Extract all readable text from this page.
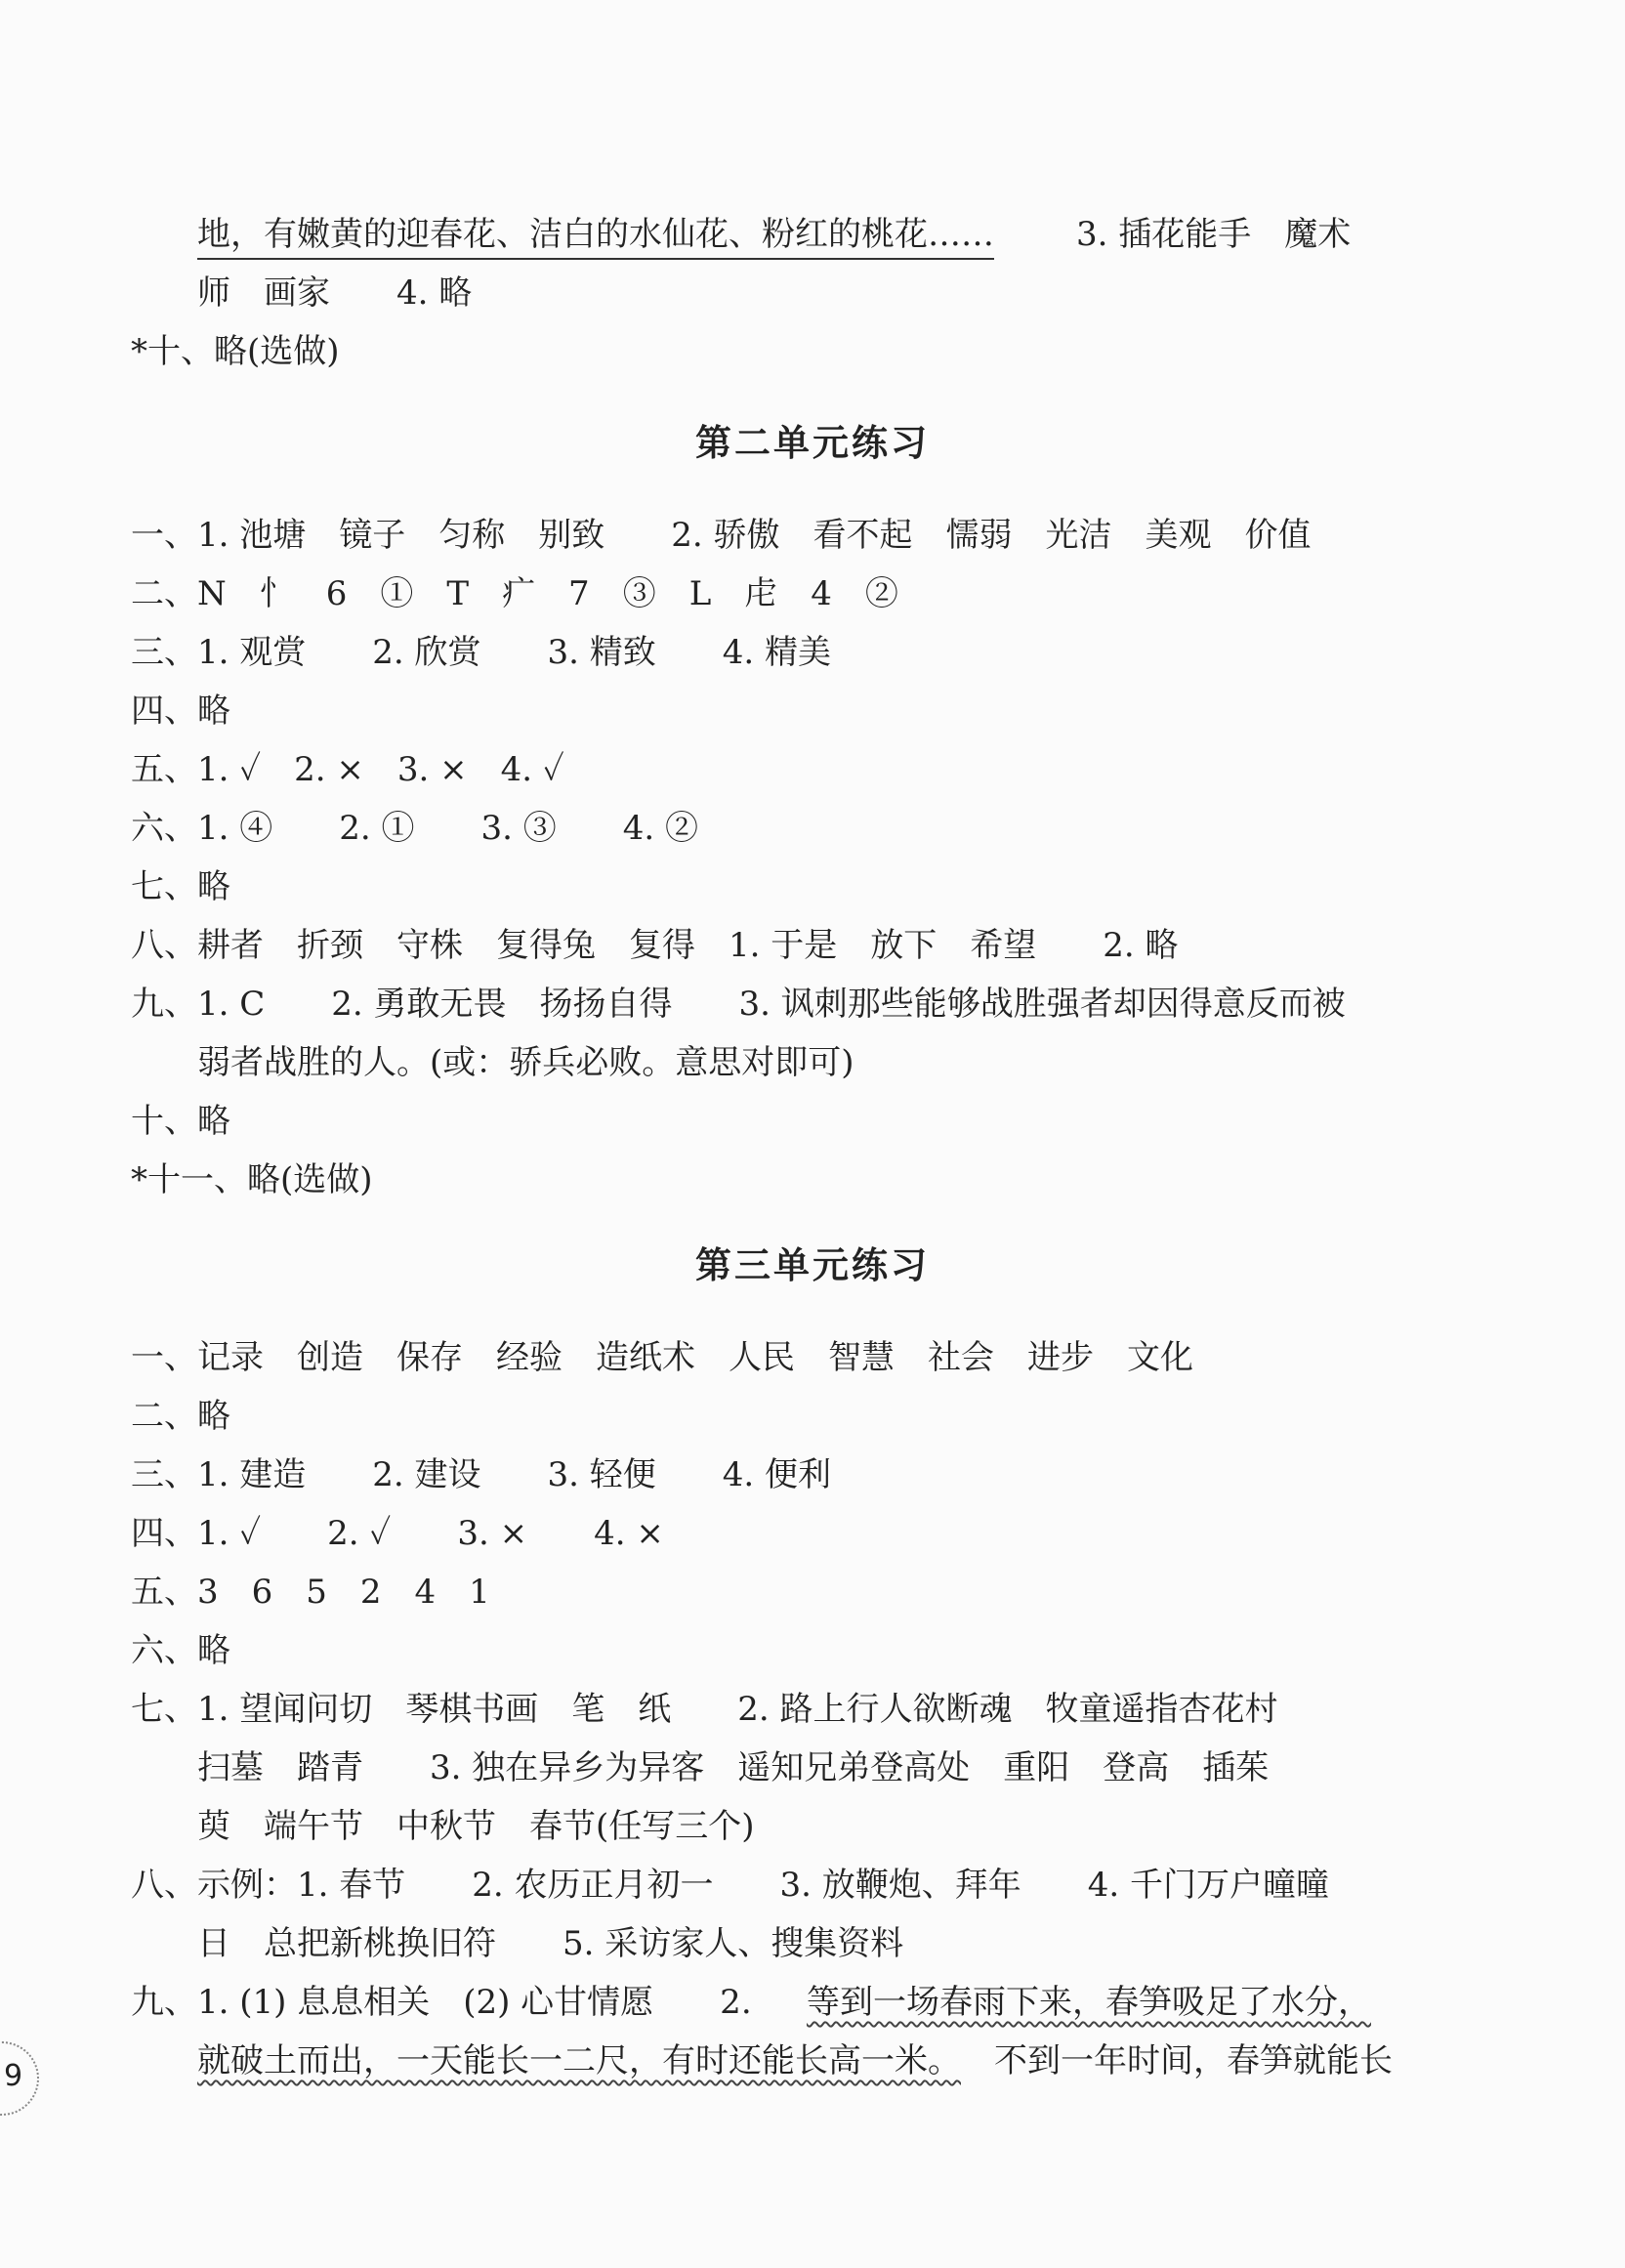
地，有嫩黄的迎春花、洁白的水仙花、粉红的桃花…… 3. 插花能手　魔术
师　画家　　4. 略
*十、略(选做)
第二单元练习
一、1. 池塘　镜子　匀称　别致　　2. 骄傲　看不起　懦弱　光洁　美观　价值
二、N　忄　6　①　T　疒　7　③　L　虍　4　②
三、1. 观赏　　2. 欣赏　　3. 精致　　4. 精美
四、略
五、1. ✓　2. ×　3. ×　4. ✓
六、1. ④　　2. ①　　3. ③　　4. ②
七、略
八、耕者　折颈　守株　复得兔　复得　1. 于是　放下　希望　　2. 略
九、1. C　　2. 勇敢无畏　扬扬自得　　3. 讽刺那些能够战胜强者却因得意反而被
弱者战胜的人。(或：骄兵必败。意思对即可)
十、略
*十一、略(选做)
第三单元练习
一、记录　创造　保存　经验　造纸术　人民　智慧　社会　进步　文化
二、略
三、1. 建造　　2. 建设　　3. 轻便　　4. 便利
四、1. ✓　　2. ✓　　3. ×　　4. ×
五、3　6　5　2　4　1
六、略
七、1. 望闻问切　琴棋书画　笔　纸　　2. 路上行人欲断魂　牧童遥指杏花村
扫墓　踏青　　3. 独在异乡为异客　遥知兄弟登高处　重阳　登高　插茱
萸　端午节　中秋节　春节(任写三个)
八、示例：1. 春节　　2. 农历正月初一　　3. 放鞭炮、拜年　　4. 千门万户曈曈
日　总把新桃换旧符　　5. 采访家人、搜集资料
九、1. (1) 息息相关　(2) 心甘情愿　　2. 等到一场春雨下来，春笋吸足了水分，
就破土而出，一天能长一二尺，有时还能长高一米。 不到一年时间，春笋就能长
9
